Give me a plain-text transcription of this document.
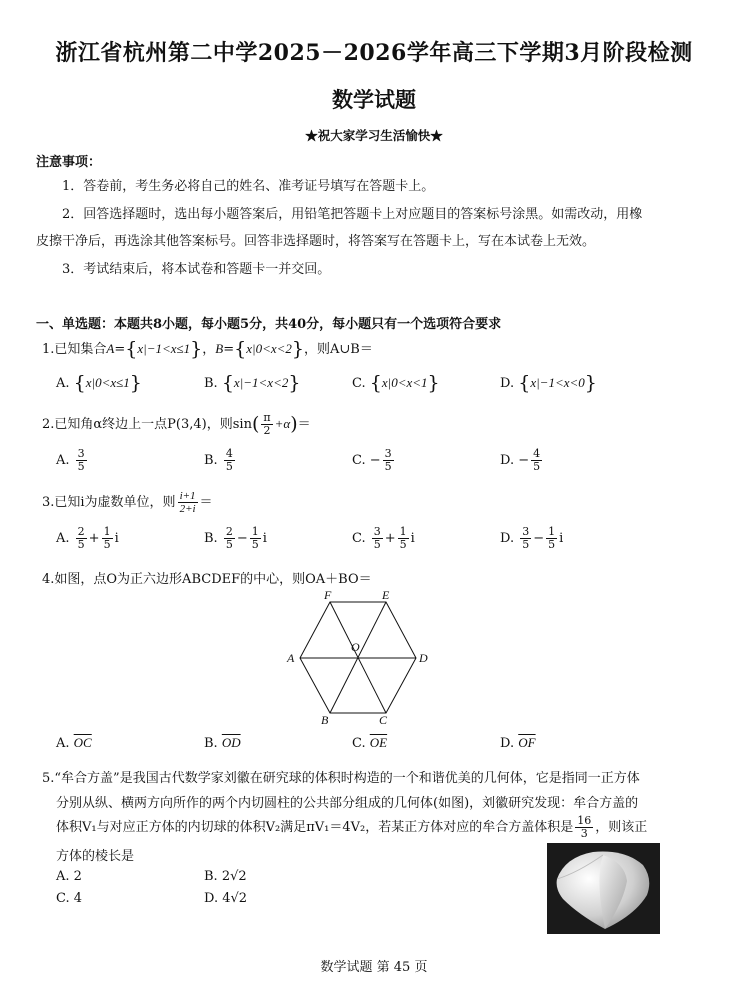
浙江省杭州第二中学2025－2026学年高三下学期3月阶段检测
数学试题
★祝大家学习生活愉快★
注意事项：
1．答卷前，考生务必将自己的姓名、准考证号填写在答题卡上。
2．回答选择题时，选出每小题答案后，用铅笔把答题卡上对应题目的答案标号涂黑。如需改动，用橡
皮擦干净后，再选涂其他答案标号。回答非选择题时，将答案写在答题卡上，写在本试卷上无效。
3．考试结束后，将本试卷和答题卡一并交回。
一、单选题：本题共8小题，每小题5分，共40分，每小题只有一个选项符合要求
1.已知集合A={x|−1<x≤1}，B={x|0<x<2}，则A∪B＝
A. {x|0<x≤1}	B. {x|−1<x<2}	C. {x|0<x<1}	D. {x|−1<x<0}
2.已知角α终边上一点P(3,4)，则$\sin( \frac{\pi}{2} +\alpha)=$
A. $\frac{3}{5}$	B. $\frac{4}{5}$	C. − $\frac{3}{5}$	D. − $\frac{4}{5}$
3.已知i为虚数单位，则 $\frac{i+1}{2+i}$ ＝
A. $\frac{2}{5} + \frac{1}{5}$ i	B. $\frac{2}{5} - \frac{1}{5}$ i	C. $\frac{3}{5} + \frac{1}{5}$ i	D. $\frac{3}{5} - \frac{1}{5}$ i
4.如图，点O为正六边形ABCDEF的中心，则OA＋BO＝
F	E
A	D
B	C
O
A. $\overline{OC}$	B. $\overline{OD}$	C. $\overline{OE}$	D. $\overline{OF}$
5.“牟合方盖”是我国古代数学家刘徽在研究球的体积时构造的一个和谐优美的几何体，它是指同一正方体
分别从纵、横两方向所作的两个内切圆柱的公共部分组成的几何体(如图)，刘徽研究发现：牟合方盖的
体积V₁与对应正方体的内切球的体积V₂满足πV₁＝4V₂，若某正方体对应的牟合方盖体积是 $\frac{16}{3}$ ，则该正
方体的棱长是
A. 2	B. 2√2
C. 4	D. 4√2
数学试题 第 45 页
